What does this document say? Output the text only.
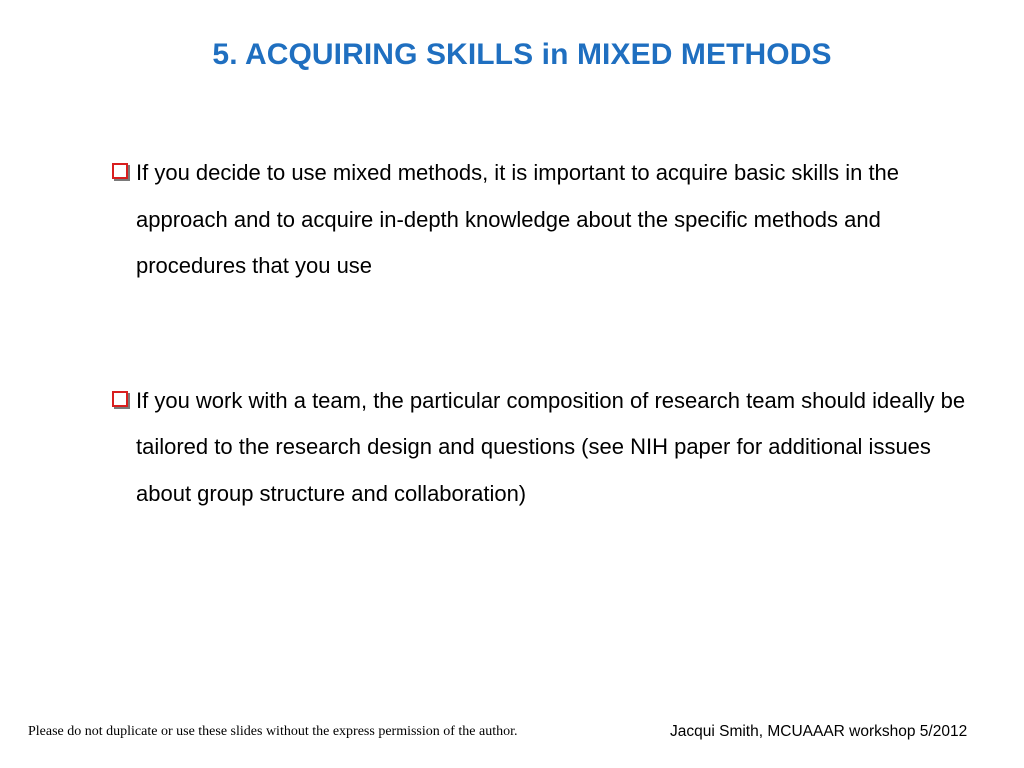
5. ACQUIRING SKILLS in MIXED METHODS
If you decide to use mixed methods, it is important to acquire basic skills in the approach and to acquire in-depth knowledge about the specific methods and procedures that you use
If you work with a team, the particular composition of research team should ideally be tailored to the research design and questions (see NIH paper for additional issues about group structure and collaboration)
Please do not duplicate or use these slides without the express permission of the author.	Jacqui Smith, MCUAAAR workshop 5/2012
